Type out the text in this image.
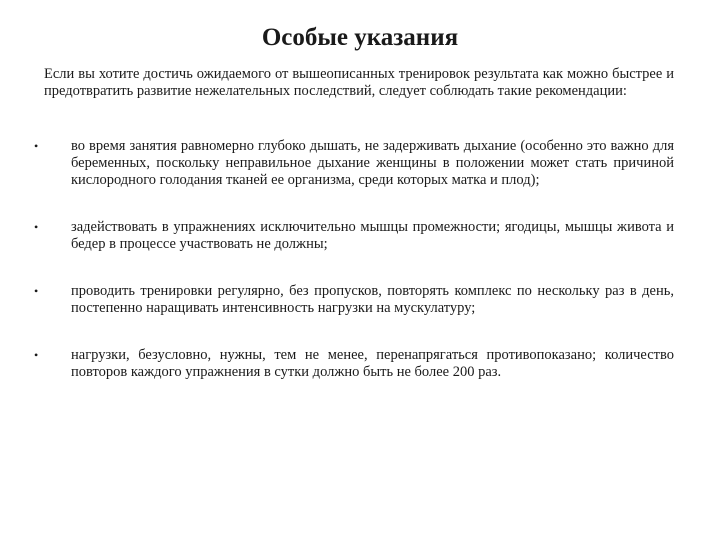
Особые указания
Если вы хотите достичь ожидаемого от вышеописанных тренировок результата как можно быстрее и предотвратить развитие нежелательных последствий, следует соблюдать такие рекомендации:
• во время занятия равномерно глубоко дышать, не задерживать дыхание (особенно это важно для беременных, поскольку неправильное дыхание женщины в положении может стать причиной кислородного голодания тканей ее организма, среди которых матка и плод);
• задействовать в упражнениях исключительно мышцы промежности; ягодицы, мышцы живота и бедер в процессе участвовать не должны;
• проводить тренировки регулярно, без пропусков, повторять комплекс по нескольку раз в день, постепенно наращивать интенсивность нагрузки на мускулатуру;
• нагрузки, безусловно, нужны, тем не менее, перенапрягаться противопоказано; количество повторов каждого упражнения в сутки должно быть не более 200 раз.
